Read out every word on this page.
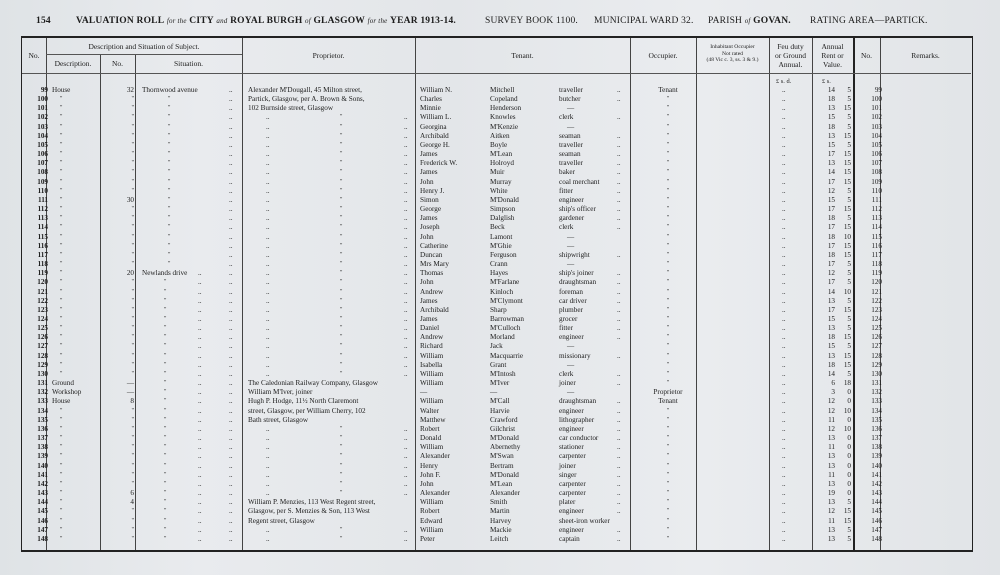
154	VALUATION ROLL for the CITY and ROYAL BURGH of GLASGOW for the YEAR 1913-14.	SURVEY BOOK 1100. MUNICIPAL WARD 32. PARISH of GOVAN. RATING AREA—PARTICK.
No.
Description and Situation of Subject.
Description.	No.	Situation.
Proprietor.	Tenant.	Occupier.
Inhabitant Occupier
Not rated
(48 Vic c. 3, ss. 3 & 9.)
Feu duty
or Ground
Annual.
Annual
Rent or
Value.
No.	Remarks.
£ s. d.	£ s.
99 House	32 Thornwood avenue	.. Alexander M'Dougall, 45 Milton street,	William N.	Mitchell	traveller	..	Tenant	..	14	5	99
100 "	"	"	.. Partick, Glasgow, per A. Brown & Sons,	Charles	Copeland	butcher	..	"	..	18	5	100
101 "	"	"	.. 102 Burnside street, Glasgow	Minnie	Henderson	—	"	..	13	15	101
102 "	"	"	..	..	"	.. William L.	Knowles	clerk	..	"	..	15	5	102
103 "	"	"	..	..	"	.. Georgina	M'Kenzie	—	"	..	18	5	103
104 "	"	"	..	..	"	.. Archibald	Aitken	seaman	..	"	..	13	15	104
105 "	"	"	..	..	"	.. George H.	Boyle	traveller	..	"	..	15	5	105
106 "	"	"	..	..	"	.. James	M'Lean	seaman	..	"	..	17	15	106
107 "	"	"	..	..	"	.. Frederick W.	Holroyd	traveller	..	"	..	13	15	107
108 "	"	"	..	..	"	.. James	Muir	baker	..	"	..	14	15	108
109 "	"	"	..	..	"	.. John	Murray	coal merchant ..	"	..	17	15	109
110 "	"	"	..	..	"	.. Henry J.	White	fitter	..	"	..	12	5	110
111 "	30	"	..	..	"	.. Simon	M'Donald	engineer	..	"	..	15	5	111
112 "	"	"	..	..	"	.. George	Simpson	ship's officer	..	"	..	17	15	112
113 "	"	"	..	..	"	.. James	Dalglish	gardener	..	"	..	18	5	113
114 "	"	"	..	..	"	.. Joseph	Beck	clerk	..	"	..	17	15	114
115 "	"	"	..	..	"	.. John	Lamont	—	"	..	18	10	115
116 "	"	"	..	..	"	.. Catherine	M'Ghie	—	"	..	17	15	116
117 "	"	"	..	..	"	.. Duncan	Ferguson	shipwright	..	"	..	18	15	117
118 "	"	"	..	..	"	.. Mrs Mary	Crann	—	"	..	17	5	118
119 "	20 Newlands drive ..	..	..	"	.. Thomas	Hayes	ship's joiner	..	"	..	12	5	119
120 "	"	"	..	..	..	"	.. John	M'Farlane	draughtsman	..	"	..	17	5	120
121 "	"	"	..	..	..	"	.. Andrew	Kinloch	foreman	..	"	..	14	10	121
122 "	"	"	..	..	..	"	.. James	M'Clymont	car driver	..	"	..	13	5	122
123 "	"	"	..	..	..	"	.. Archibald	Sharp	plumber	..	"	..	17	15	123
124 "	"	"	..	..	..	"	.. James	Barrowman	grocer	..	"	..	15	5	124
125 "	"	"	..	..	..	"	.. Daniel	M'Culloch	fitter	..	"	..	13	5	125
126 "	"	"	..	..	..	"	.. Andrew	Morland	engineer	..	"	..	18	15	126
127 "	"	"	..	..	..	"	.. Richard	Jack	—	"	..	15	5	127
128 "	"	"	..	..	..	"	.. William	Macquarrie	missionary	..	"	..	13	15	128
129 "	"	"	..	..	..	"	.. Isabella	Grant	—	"	..	18	15	129
130 "	"	"	..	..	..	"	.. William	M'Intosh	clerk	..	"	..	14	5	130
131 Ground	—	"	..	.. The Caledonian Railway Company, Glasgow	William	M'Iver	joiner	..	"	..	6	18	131
132 Workshop	—	"	..	.. William M'Iver, joiner	—	—	—	Proprietor	..	3	0	132
133 House	8	"	..	.. Hugh P. Hodge, 11½ North Claremont	William	M'Call	draughtsman	..	Tenant	..	12	0	133
134 "	"	"	..	.. street, Glasgow, per William Cherry, 102	Walter	Harvie	engineer	..	"	..	12	10	134
135 "	"	"	..	.. Bath street, Glasgow	Matthew	Crawford	lithographer	..	"	..	11	0	135
136 "	"	"	..	..	..	"	.. Robert	Gilchrist	engineer	..	"	..	12	10	136
137 "	"	"	..	..	..	"	.. Donald	M'Donald	car conductor	..	"	..	13	0	137
138 "	"	"	..	..	..	"	.. William	Abernethy	stationer	..	"	..	11	0	138
139 "	"	"	..	..	..	"	.. Alexander	M'Swan	carpenter	..	"	..	13	0	139
140 "	"	"	..	..	..	"	.. Henry	Bertram	joiner	..	"	..	13	0	140
141 "	"	"	..	..	..	"	.. John F.	M'Donald	singer	..	"	..	11	0	141
142 "	"	"	..	..	..	"	.. John	M'Lean	carpenter	..	"	..	13	0	142
143 "	6	"	..	..	..	"	.. Alexander	Alexander	carpenter	..	"	..	19	0	143
144 "	4	"	..	.. William P. Menzies, 113 West Regent street,	William	Smith	plater	..	"	..	13	5	144
145 "	"	"	..	.. Glasgow, per S. Menzies & Son, 113 West	Robert	Martin	engineer	..	"	..	12	15	145
146 "	"	"	..	.. Regent street, Glasgow	Edward	Harvey	sheet-iron worker	"	..	11	15	146
147 "	"	"	..	..	..	"	.. William	Mackie	engineer	..	"	..	13	5	147
148 "	"	"	..	..	..	"	.. Peter	Leitch	captain	..	"	..	13	5	148
